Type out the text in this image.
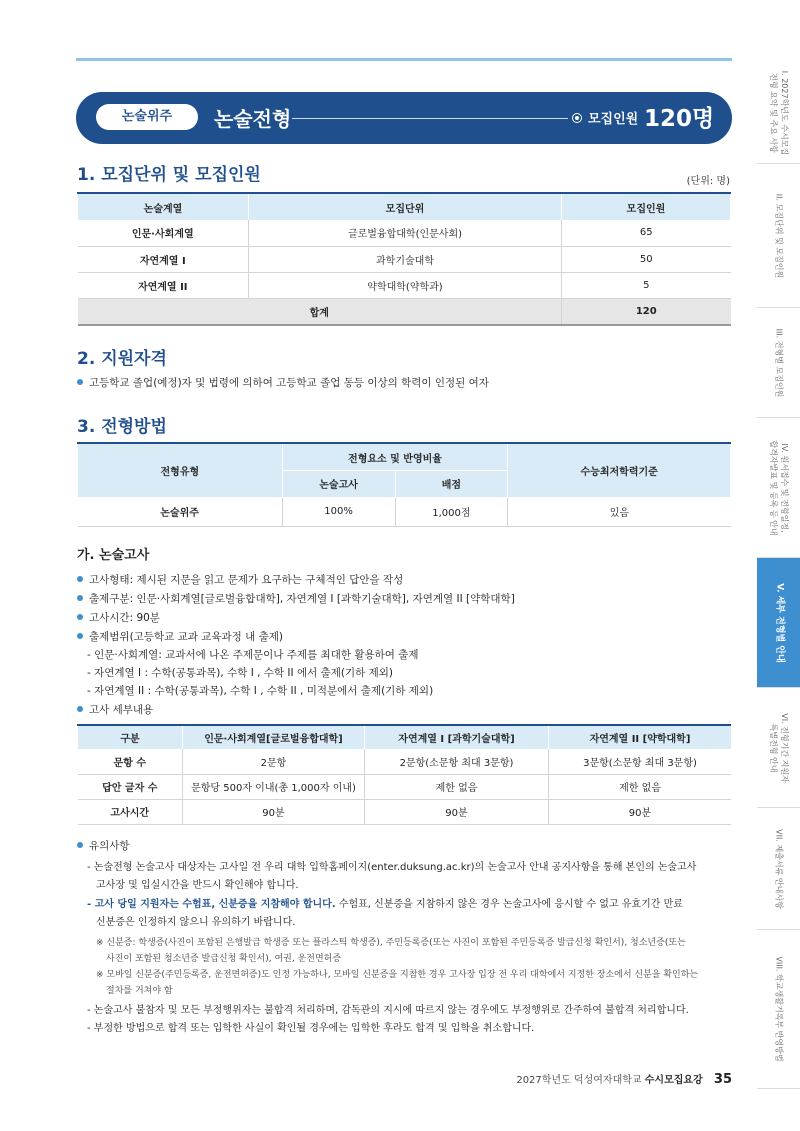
논술위주	논술전형	모집인원 120명
1. 모집단위 및 모집인원	(단위: 명)
논술계열	모집단위	모집인원
인문·사회계열	글로벌융합대학(인문사회)	65
자연계열 I	과학기술대학	50
자연계열 II	약학대학(약학과)	5
합계		120
2. 지원자격
고등학교 졸업(예정)자 및 법령에 의하여 고등학교 졸업 동등 이상의 학력이 인정된 여자
3. 전형방법
전형유형	전형요소 및 반영비율		수능최저학력기준
	논술고사	배점	
논술위주	100%	1,000점	있음
가. 논술고사
고사형태: 제시된 지문을 읽고 문제가 요구하는 구체적인 답안을 작성
출제구분: 인문·사회계열[글로벌융합대학], 자연계열 I [과학기술대학], 자연계열 II [약학대학]
고사시간: 90분
출제범위(고등학교 교과 교육과정 내 출제)
- 인문·사회계열: 교과서에 나온 주제문이나 주제를 최대한 활용하여 출제
- 자연계열 I : 수학(공통과목), 수학 I , 수학 II 에서 출제(기하 제외)
- 자연계열 II : 수학(공통과목), 수학 I , 수학 II , 미적분에서 출제(기하 제외)
고사 세부내용
구분	인문·사회계열[글로벌융합대학]	자연계열 I [과학기술대학]	자연계열 II [약학대학]
문항 수	2문항	2문항(소문항 최대 3문항)	3문항(소문항 최대 3문항)
답안 글자 수	문항당 500자 이내(총 1,000자 이내)	제한 없음	제한 없음
고사시간	90분	90분	90분
유의사항
- 논술전형 논술고사 대상자는 고사일 전 우리 대학 입학홈페이지(enter.duksung.ac.kr)의 논술고사 안내 공지사항을 통해 본인의 논술고사
고사장 및 입실시간을 반드시 확인해야 합니다.
- 고사 당일 지원자는 수험표, 신분증을 지참해야 합니다. 수험표, 신분증을 지참하지 않은 경우 논술고사에 응시할 수 없고 유효기간 만료
신분증은 인정하지 않으니 유의하기 바랍니다.
※ 신분증: 학생증(사진이 포함된 은행발급 학생증 또는 플라스틱 학생증), 주민등록증(또는 사진이 포함된 주민등록증 발급신청 확인서), 청소년증(또는
사진이 포함된 청소년증 발급신청 확인서), 여권, 운전면허증
※ 모바일 신분증(주민등록증, 운전면허증)도 인정 가능하나, 모바일 신분증을 지참한 경우 고사장 입장 전 우리 대학에서 지정한 장소에서 신분을 확인하는
절차를 거쳐야 함
- 논술고사 불참자 및 모든 부정행위자는 불합격 처리하며, 감독관의 지시에 따르지 않는 경우에도 부정행위로 간주하여 불합격 처리합니다.
- 부정한 방법으로 합격 또는 입학한 사실이 확인될 경우에는 입학한 후라도 합격 및 입학을 취소합니다.
2027학년도 덕성여자대학교 수시모집요강 35
I. 2027학년도 수시모집
전형 요약 및 주요 사항
II. 모집단위 및 모집인원
III. 전형별 모집인원
IV. 원서접수 및 전형일정,
합격자발표 및 등록 등 안내
V. 세부 전형별 안내
VI. 전형기간 지원자
특별전형 안내
VII. 제출서류 안내사항
VIII. 학교생활기록부 반영방법
